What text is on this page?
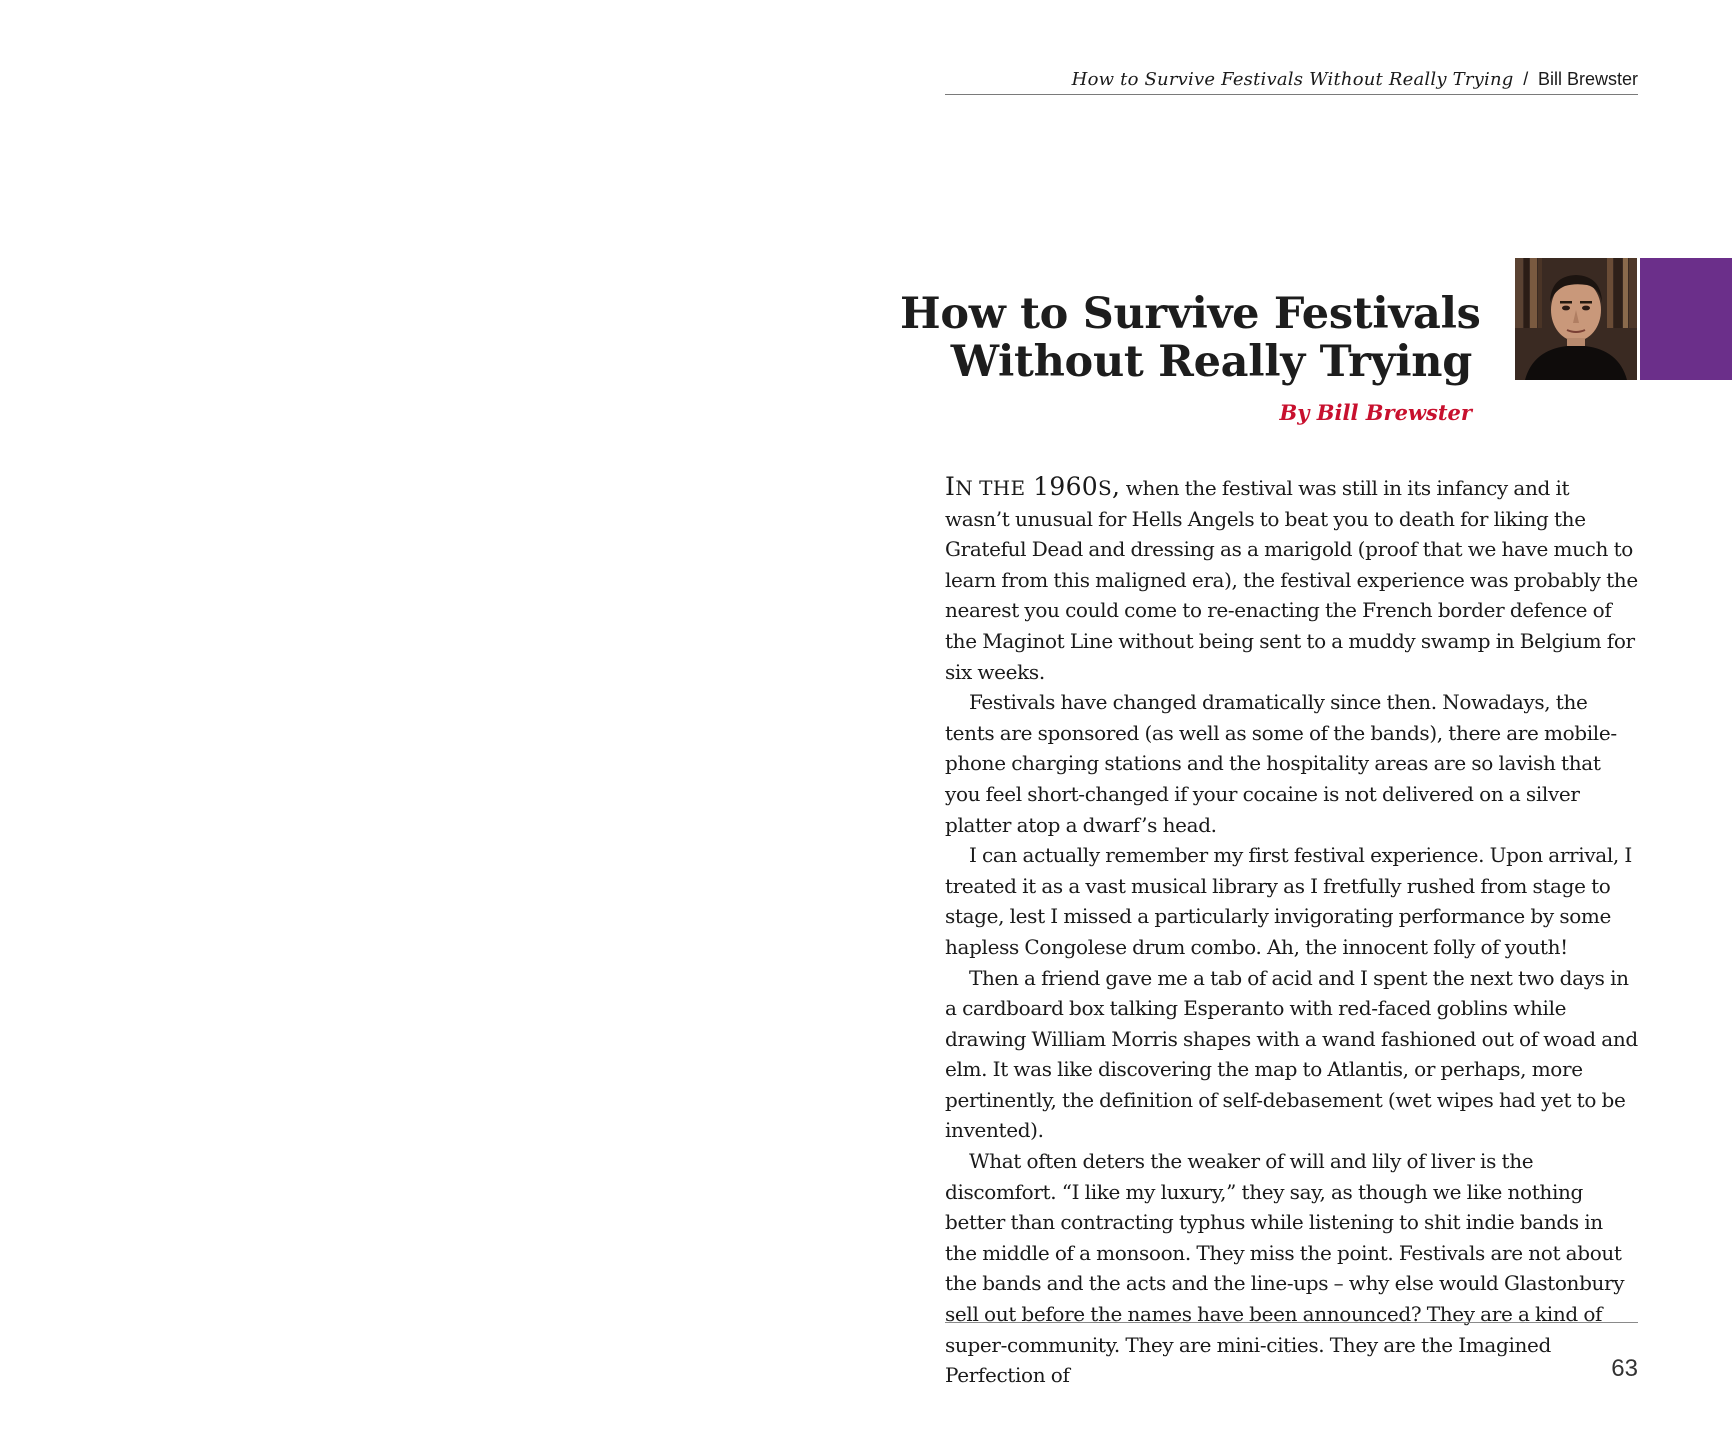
How to Survive Festivals Without Really Trying / Bill Brewster
How to Survive Festivals
Without Really Trying
By Bill Brewster

IN THE 1960S, when the festival was still in its infancy and it wasn’t unusual for Hells Angels to beat you to death for liking the Grateful Dead and dressing as a marigold (proof that we have much to learn from this maligned era), the festival experience was probably the nearest you could come to re-enacting the French border defence of the Maginot Line without being sent to a muddy swamp in Belgium for six weeks.

Festivals have changed dramatically since then. Nowadays, the tents are sponsored (as well as some of the bands), there are mobile-phone charging stations and the hospitality areas are so lavish that you feel short-changed if your cocaine is not delivered on a silver platter atop a dwarf’s head.

I can actually remember my first festival experience. Upon arrival, I treated it as a vast musical library as I fretfully rushed from stage to stage, lest I missed a particularly invigorating performance by some hapless Congolese drum combo. Ah, the innocent folly of youth!

Then a friend gave me a tab of acid and I spent the next two days in a cardboard box talking Esperanto with red-faced goblins while drawing William Morris shapes with a wand fashioned out of woad and elm. It was like discovering the map to Atlantis, or perhaps, more pertinently, the definition of self-debasement (wet wipes had yet to be invented).

What often deters the weaker of will and lily of liver is the discomfort. “I like my luxury,” they say, as though we like nothing better than contracting typhus while listening to shit indie bands in the middle of a monsoon. They miss the point. Festivals are not about the bands and the acts and the line-ups – why else would Glastonbury sell out before the names have been announced? They are a kind of super-community. They are mini-cities. They are the Imagined Perfection of	63
